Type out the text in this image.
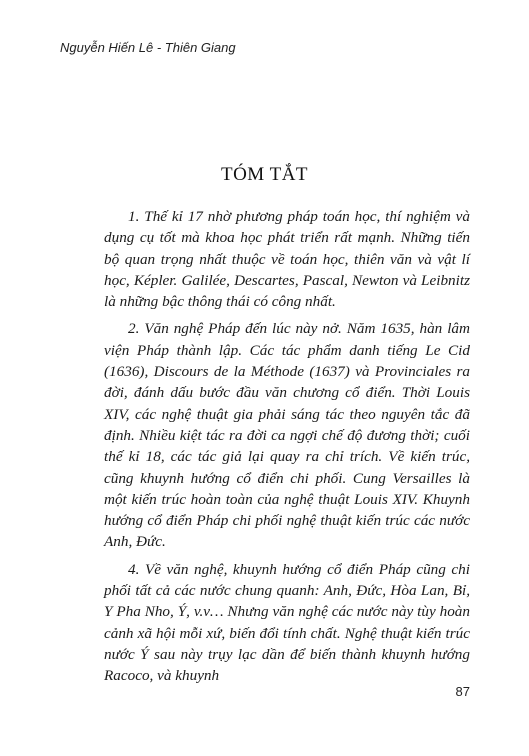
Nguyễn Hiến Lê - Thiên Giang
TÓM TẮT

1. Thế kỉ 17 nhờ phương pháp toán học, thí nghiệm và dụng cụ tốt mà khoa học phát triển rất mạnh. Những tiến bộ quan trọng nhất thuộc về toán học, thiên văn và vật lí học, Képler. Galilée, Descartes, Pascal, Newton và Leibnitz là những bậc thông thái có công nhất.

2. Văn nghệ Pháp đến lúc này nở. Năm 1635, hàn lâm viện Pháp thành lập. Các tác phẩm danh tiếng Le Cid (1636), Discours de la Méthode (1637) và Provinciales ra đời, đánh dấu bước đầu văn chương cổ điển. Thời Louis XIV, các nghệ thuật gia phải sáng tác theo nguyên tắc đã định. Nhiều kiệt tác ra đời ca ngợi chế độ đương thời; cuối thế kỉ 18, các tác giả lại quay ra chỉ trích. Về kiến trúc, cũng khuynh hướng cổ điển chi phối. Cung Versailles là một kiến trúc hoàn toàn của nghệ thuật Louis XIV. Khuynh hướng cổ điển Pháp chi phối nghệ thuật kiến trúc các nước Anh, Đức.

4. Về văn nghệ, khuynh hướng cổ điển Pháp cũng chi phối tất cả các nước chung quanh: Anh, Đức, Hòa Lan, Bỉ, Y Pha Nho, Ý, v.v… Nhưng văn nghệ các nước này tùy hoàn cảnh xã hội mỗi xứ, biến đổi tính chất. Nghệ thuật kiến trúc nước Ý sau này trụy lạc dần để biến thành khuynh hướng Racoco, và khuynh

87
